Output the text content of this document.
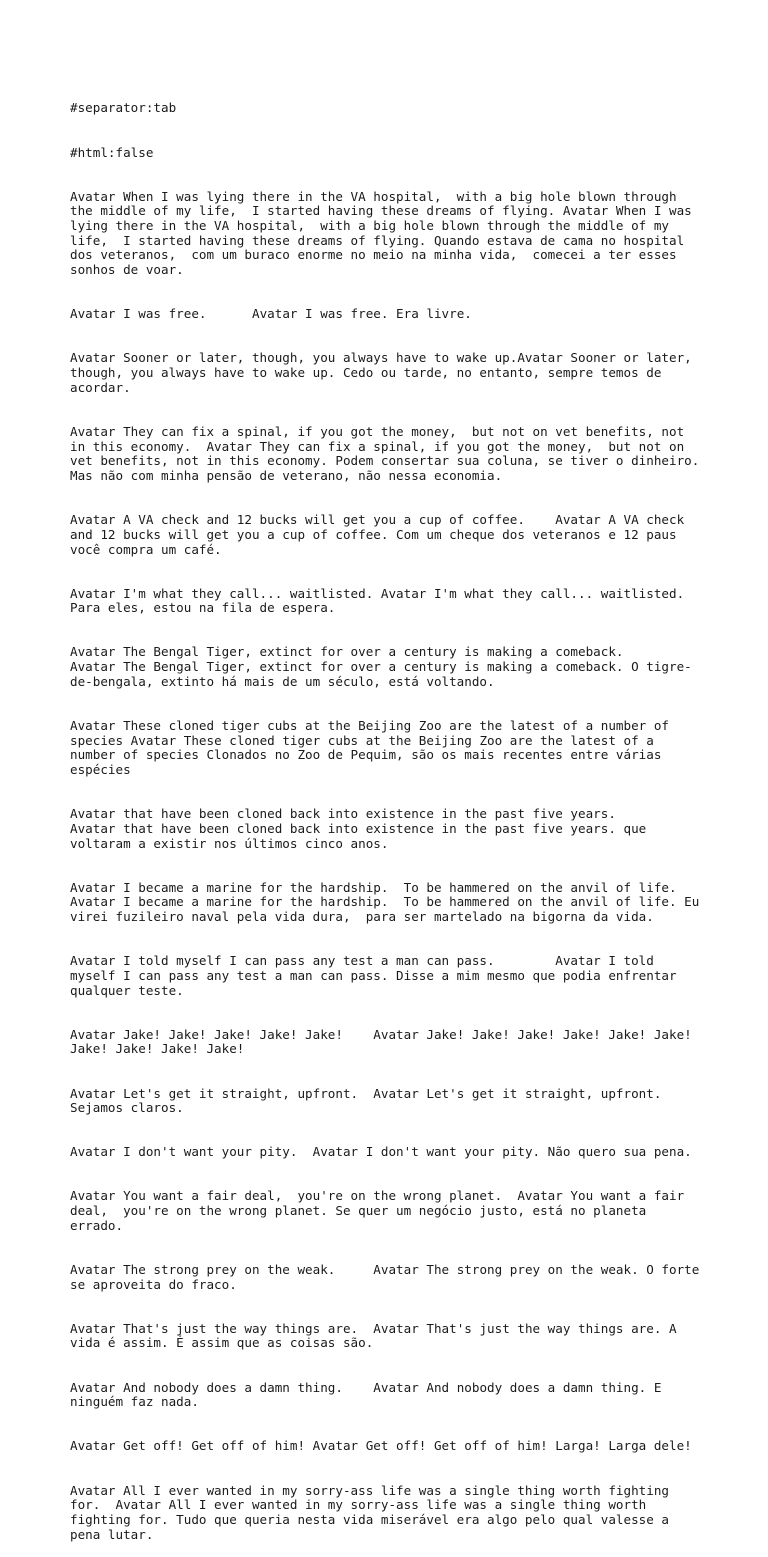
#separator:tab

#html:false

Avatar When I was lying there in the VA hospital,  with a big hole blown through the middle of my life,  I started having these dreams of flying. Avatar When I was lying there in the VA hospital,  with a big hole blown through the middle of my life,  I started having these dreams of flying. Quando estava de cama no hospital dos veteranos,  com um buraco enorme no meio na minha vida,  comecei a ter esses sonhos de voar.

Avatar I was free.	Avatar I was free. Era livre.

Avatar Sooner or later, though, you always have to wake up.Avatar Sooner or later, though, you always have to wake up. Cedo ou tarde, no entanto, sempre temos de acordar.

Avatar They can fix a spinal, if you got the money,  but not on vet benefits, not in this economy.  Avatar They can fix a spinal, if you got the money,  but not on vet benefits, not in this economy. Podem consertar sua coluna, se tiver o dinheiro. Mas não com minha pensão de veterano, não nessa economia.

Avatar A VA check and 12 bucks will get you a cup of coffee.	Avatar A VA check and 12 bucks will get you a cup of coffee. Com um cheque dos veteranos e 12 paus você compra um café.

Avatar I'm what they call... waitlisted. Avatar I'm what they call... waitlisted. Para eles, estou na fila de espera.

Avatar The Bengal Tiger, extinct for over a century is making a comeback.	Avatar The Bengal Tiger, extinct for over a century is making a comeback. O tigre-de-bengala, extinto há mais de um século, está voltando.

Avatar These cloned tiger cubs at the Beijing Zoo are the latest of a number of species	Avatar These cloned tiger cubs at the Beijing Zoo are the latest of a number of species Clonados no Zoo de Pequim, são os mais recentes entre várias espécies

Avatar that have been cloned back into existence in the past five years.	Avatar that have been cloned back into existence in the past five years. que voltaram a existir nos últimos cinco anos.

Avatar I became a marine for the hardship.  To be hammered on the anvil of life.	Avatar I became a marine for the hardship.  To be hammered on the anvil of life. Eu virei fuzileiro naval pela vida dura,  para ser martelado na bigorna da vida.

Avatar I told myself I can pass any test a man can pass.	Avatar I told myself I can pass any test a man can pass. Disse a mim mesmo que podia enfrentar qualquer teste.

Avatar Jake! Jake! Jake! Jake! Jake!	Avatar Jake! Jake! Jake! Jake! Jake! Jake! Jake! Jake! Jake! Jake!

Avatar Let's get it straight, upfront.	Avatar Let's get it straight, upfront. Sejamos claros.

Avatar I don't want your pity.	Avatar I don't want your pity. Não quero sua pena.

Avatar You want a fair deal,  you're on the wrong planet.  Avatar You want a fair deal,  you're on the wrong planet. Se quer um negócio justo, está no planeta errado.

Avatar The strong prey on the weak.	Avatar The strong prey on the weak. O forte se aproveita do fraco.

Avatar That's just the way things are.	Avatar That's just the way things are. A vida é assim. É assim que as coisas são.

Avatar And nobody does a damn thing.	Avatar And nobody does a damn thing. E ninguém faz nada.

Avatar Get off! Get off of him!	Avatar Get off! Get off of him! Larga! Larga dele!

Avatar All I ever wanted in my sorry-ass life was a single thing worth fighting for.  Avatar All I ever wanted in my sorry-ass life was a single thing worth fighting for. Tudo que queria nesta vida miserável era algo pelo qual valesse a pena lutar.
